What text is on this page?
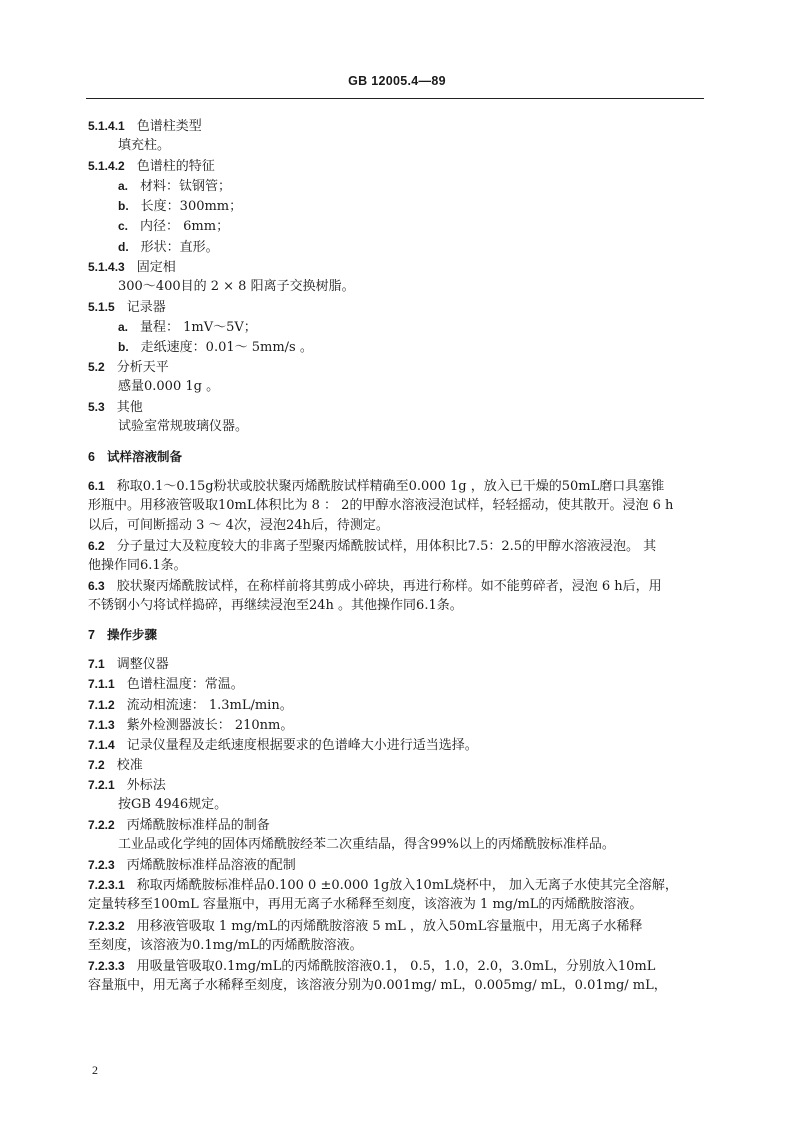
GB 12005.4—89
5.1.4.1 色谱柱类型
填充柱。
5.1.4.2 色谱柱的特征
a. 材料：钛钢管；
b. 长度：300mm；
c. 内径： 6mm；
d. 形状：直形。
5.1.4.3 固定相
300～400目的 2 × 8 阳离子交换树脂。
5.1.5 记录器
a. 量程： 1mV～5V；
b. 走纸速度：0.01～ 5mm/s 。
5.2 分析天平
感量0.000 1g 。
5.3 其他
试验室常规玻璃仪器。
6 试样溶液制备
6.1 称取0.1～0.15g粉状或胶状聚丙烯酰胺试样精确至0.000 1g ，放入已干燥的50mL磨口具塞锥
形瓶中。用移液管吸取10mL体积比为 8 ： 2的甲醇水溶液浸泡试样，轻轻摇动，使其散开。浸泡 6 h
以后，可间断摇动 3 ～ 4次，浸泡24h后，待测定。
6.2 分子量过大及粒度较大的非离子型聚丙烯酰胺试样，用体积比7.5：2.5的甲醇水溶液浸泡。 其
他操作同6.1条。
6.3 胶状聚丙烯酰胺试样，在称样前将其剪成小碎块，再进行称样。如不能剪碎者，浸泡 6 h后，用
不锈钢小勺将试样捣碎，再继续浸泡至24h 。其他操作同6.1条。
7 操作步骤
7.1 调整仪器
7.1.1 色谱柱温度：常温。
7.1.2 流动相流速： 1.3mL/min。
7.1.3 紫外检测器波长： 210nm。
7.1.4 记录仪量程及走纸速度根据要求的色谱峰大小进行适当选择。
7.2 校准
7.2.1 外标法
按GB 4946规定。
7.2.2 丙烯酰胺标准样品的制备
工业品或化学纯的固体丙烯酰胺经苯二次重结晶，得含99%以上的丙烯酰胺标准样品。
7.2.3 丙烯酰胺标准样品溶液的配制
7.2.3.1 称取丙烯酰胺标准样品0.100 0 ±0.000 1g放入10mL烧杯中， 加入无离子水使其完全溶解，
定量转移至100mL 容量瓶中，再用无离子水稀释至刻度，该溶液为 1 mg/mL的丙烯酰胺溶液。
7.2.3.2 用移液管吸取 1 mg/mL的丙烯酰胺溶液 5 mL ，放入50mL容量瓶中，用无离子水稀释
至刻度，该溶液为0.1mg/mL的丙烯酰胺溶液。
7.2.3.3 用吸量管吸取0.1mg/mL的丙烯酰胺溶液0.1， 0.5，1.0，2.0，3.0mL，分别放入10mL
容量瓶中，用无离子水稀释至刻度，该溶液分别为0.001mg/ mL，0.005mg/ mL，0.01mg/ mL，
2
